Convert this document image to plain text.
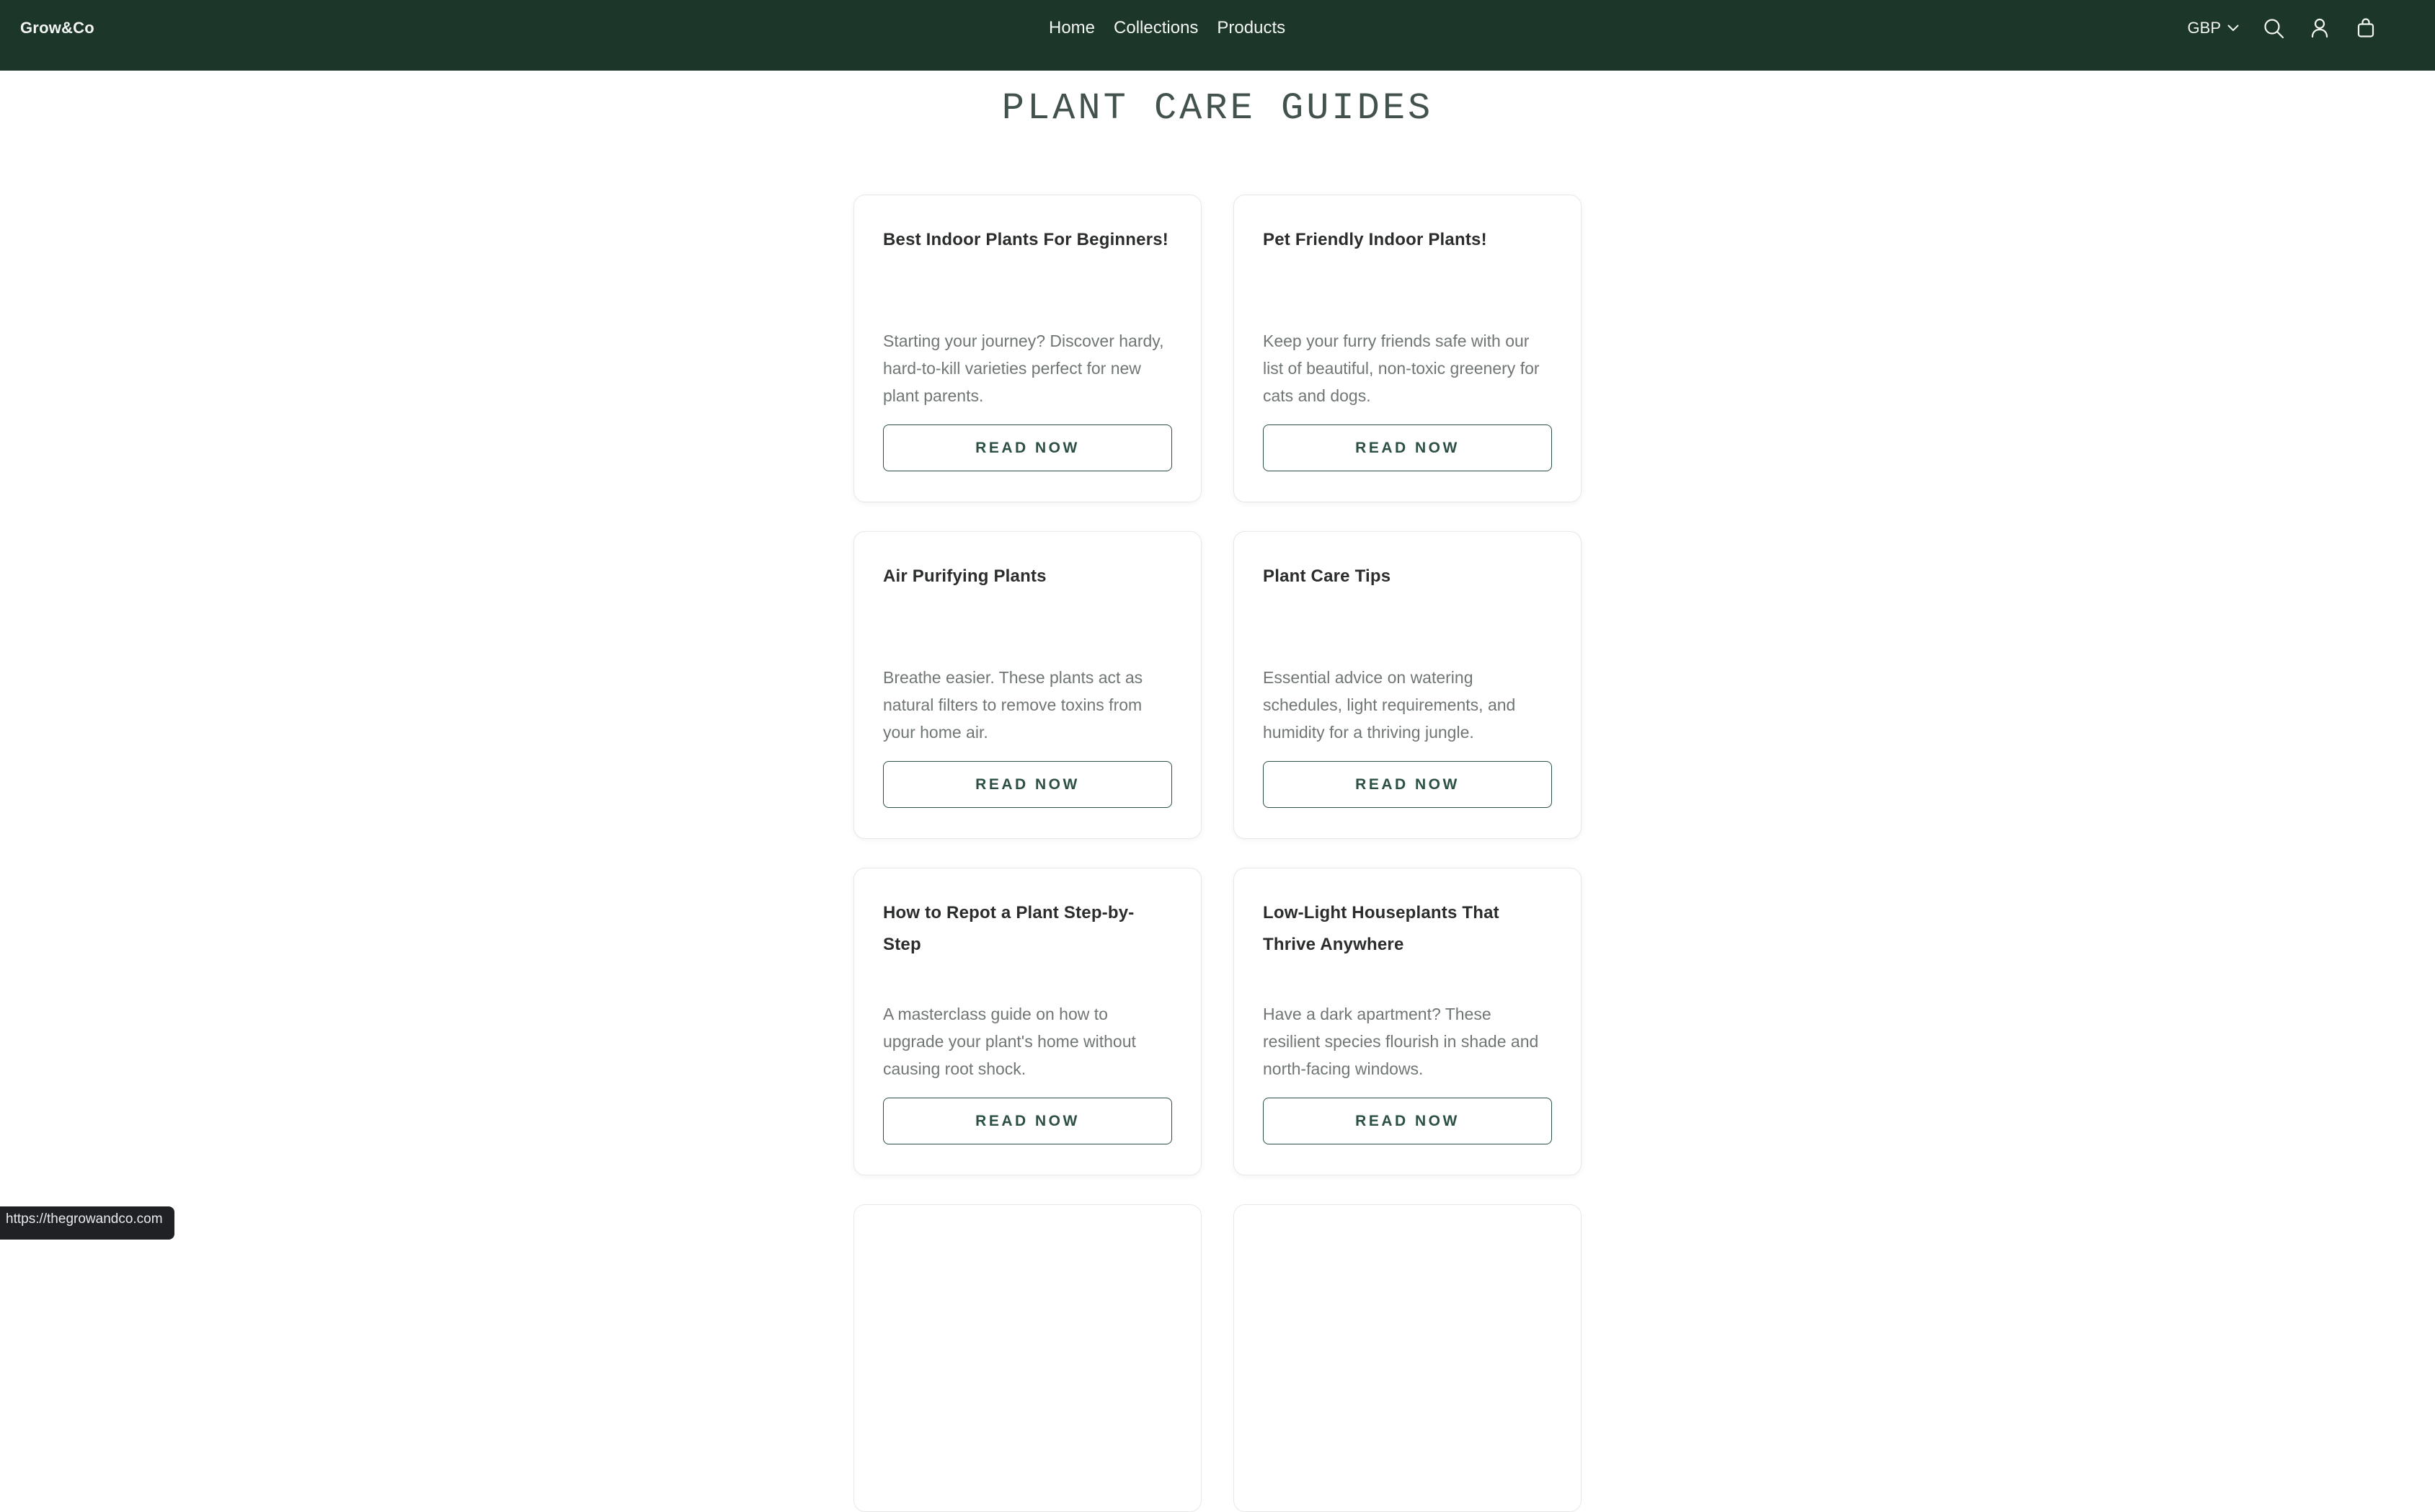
Grow&Co	Home Collections Products	GBP
PLANT CARE GUIDES
Best Indoor Plants For Beginners!

Starting your journey? Discover hardy, hard-to-kill varieties perfect for new plant parents.

READ NOW
Pet Friendly Indoor Plants!

Keep your furry friends safe with our list of beautiful, non-toxic greenery for cats and dogs.

READ NOW
Air Purifying Plants

Breathe easier. These plants act as natural filters to remove toxins from your home air.

READ NOW
Plant Care Tips

Essential advice on watering schedules, light requirements, and humidity for a thriving jungle.

READ NOW
How to Repot a Plant Step-by-Step

A masterclass guide on how to upgrade your plant's home without causing root shock.

READ NOW
Low-Light Houseplants That Thrive Anywhere

Have a dark apartment? These resilient species flourish in shade and north-facing windows.

READ NOW
https://thegrowandco.com
